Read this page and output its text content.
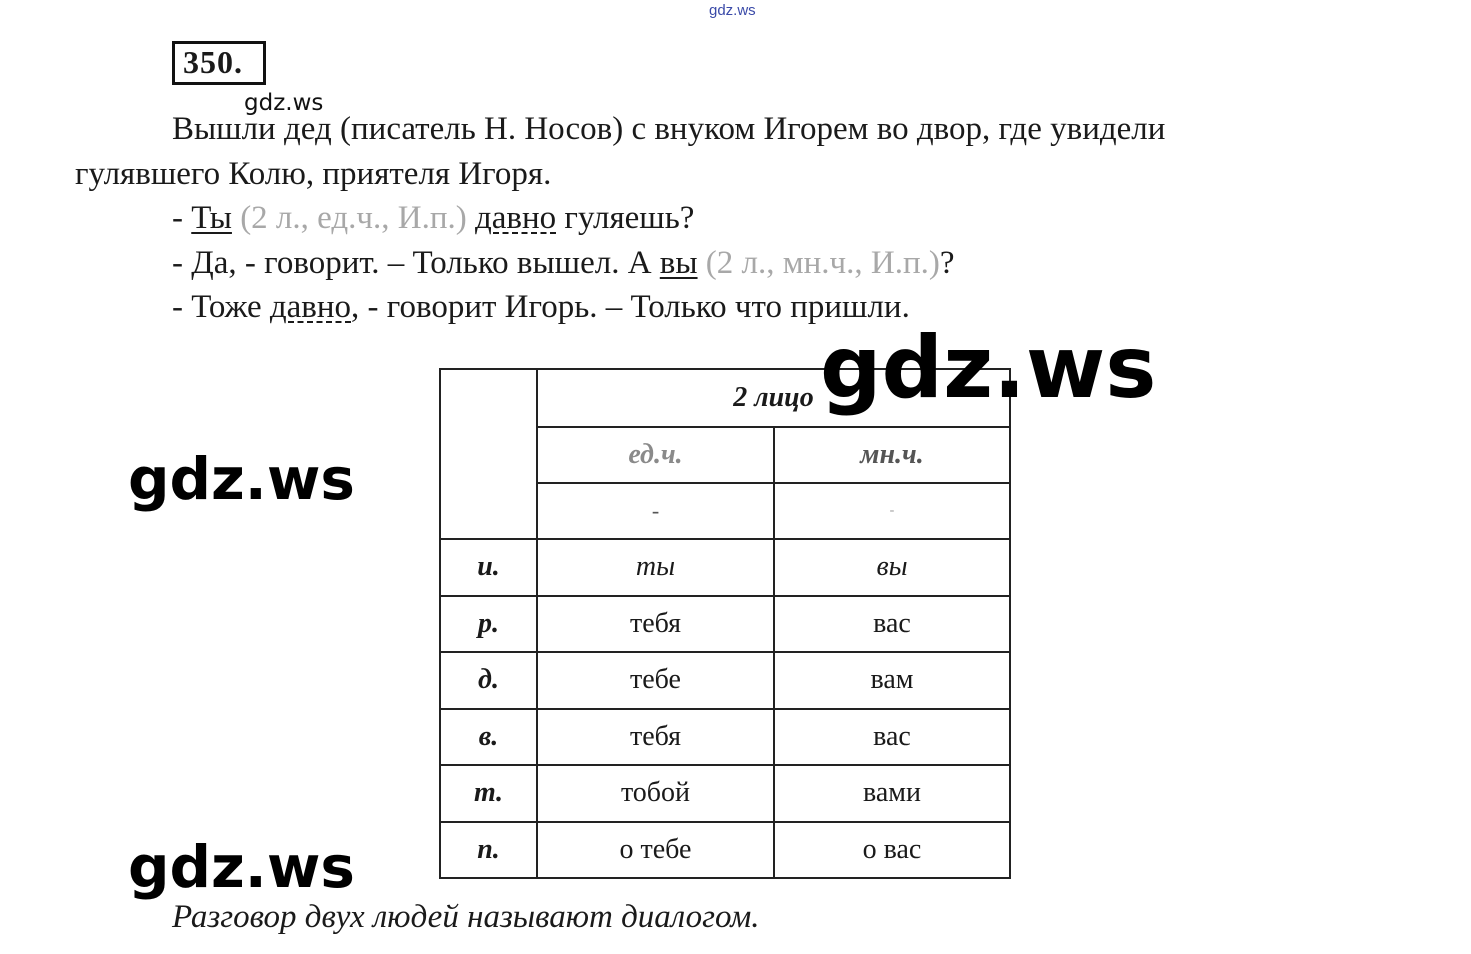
gdz.ws
350.
gdz.ws
Вышли дед (писатель Н. Носов) с внуком Игорем во двор, где увидели
гулявшего Колю, приятеля Игоря.
- Ты (2 л., ед.ч., И.п.) давно гуляешь?
- Да, - говорит. – Только вышел. А вы (2 л., мн.ч., И.п.)?
- Тоже давно, - говорит Игорь. – Только что пришли.
	2 лицо	
	ед.ч.	мн.ч.
	-	-
и.	ты	вы
р.	тебя	вас
д.	тебе	вам
в.	тебя	вас
т.	тобой	вами
п.	о тебе	о вас
gdz.ws
gdz.ws
gdz.ws
Разговор двух людей называют диалогом.
